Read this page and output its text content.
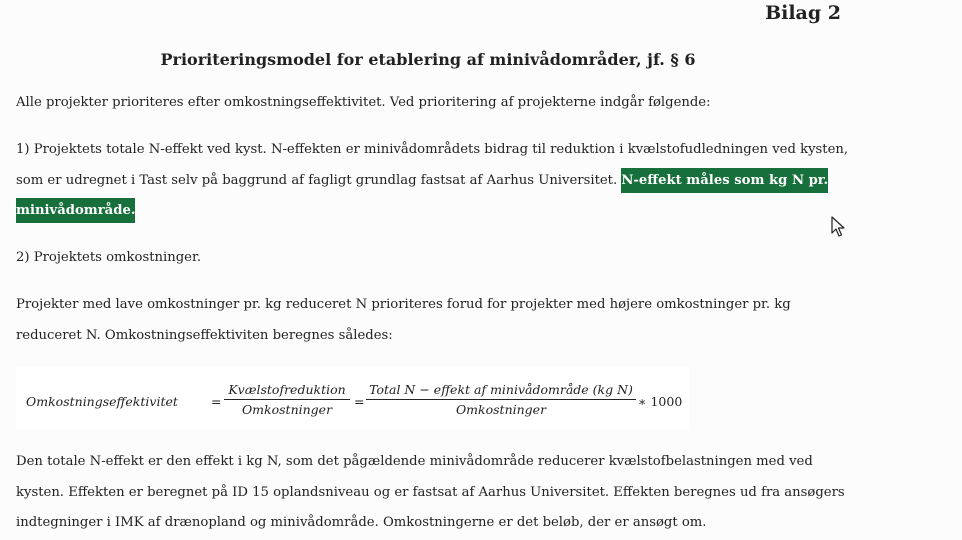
Bilag 2
Prioriteringsmodel for etablering af minivådområder, jf. § 6
Alle projekter prioriteres efter omkostningseffektivitet. Ved prioritering af projekterne indgår følgende:
1) Projektets totale N-effekt ved kyst. N-effekten er minivådområdets bidrag til reduktion i kvælstofudledningen ved kysten,
som er udregnet i Tast selv på baggrund af fagligt grundlag fastsat af Aarhus Universitet. N-effekt måles som kg N pr.
minivådområde.
2) Projektets omkostninger.
Projekter med lave omkostninger pr. kg reduceret N prioriteres forud for projekter med højere omkostninger pr. kg
reduceret N. Omkostningseffektiviten beregnes således:
Omkostningseffektivitet	=
Kvælstofreduktion
Omkostninger
=
Total N − effekt af minivådområde (kg N)
Omkostninger
∗ 1000
Den totale N-effekt er den effekt i kg N, som det pågældende minivådområde reducerer kvælstofbelastningen med ved
kysten. Effekten er beregnet på ID 15 oplandsniveau og er fastsat af Aarhus Universitet. Effekten beregnes ud fra ansøgers
indtegninger i IMK af drænopland og minivådområde. Omkostningerne er det beløb, der er ansøgt om.
